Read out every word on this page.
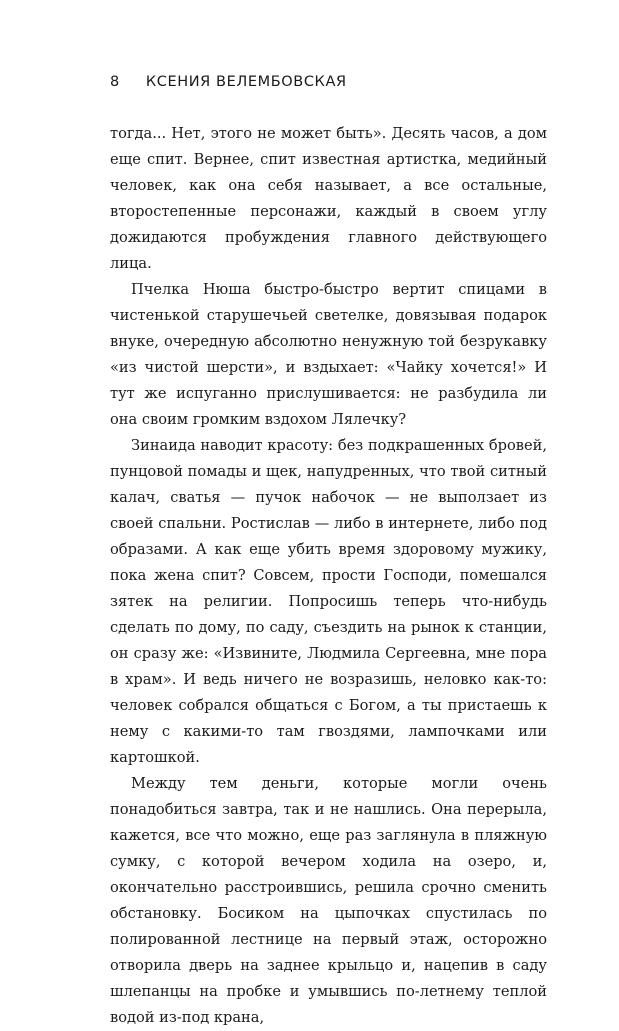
8 КСЕНИЯ ВЕЛЕМБОВСКАЯ

тогда... Нет, этого не может быть». Десять часов, а дом еще спит. Вернее, спит известная артистка, медийный человек, как она себя называет, а все остальные, второстепенные персонажи, каждый в своем углу дожидаются пробуждения главного действующего лица.

Пчелка Нюша быстро-быстро вертит спицами в чистенькой старушечьей светелке, довязывая подарок внуке, очередную абсолютно ненужную той безрукавку «из чистой шерсти», и вздыхает: «Чайку хочется!» И тут же испуганно прислушивается: не разбудила ли она своим громким вздохом Лялечку?

Зинаида наводит красоту: без подкрашенных бровей, пунцовой помады и щек, напудренных, что твой ситный калач, сватья — пучок набочок — не выползает из своей спальни. Ростислав — либо в интернете, либо под образами. А как еще убить время здоровому мужику, пока жена спит? Совсем, прости Господи, помешался зятек на религии. Попросишь теперь что-нибудь сделать по дому, по саду, съездить на рынок к станции, он сразу же: «Извините, Людмила Сергеевна, мне пора в храм». И ведь ничего не возразишь, неловко как-то: человек собрался общаться с Богом, а ты пристаешь к нему с какими-то там гвоздями, лампочками или картошкой.

Между тем деньги, которые могли очень понадобиться завтра, так и не нашлись. Она перерыла, кажется, все что можно, еще раз заглянула в пляжную сумку, с которой вечером ходила на озеро, и, окончательно расстроившись, решила срочно сменить обстановку. Босиком на цыпочках спустилась по полированной лестнице на первый этаж, осторожно отворила дверь на заднее крыльцо и, нацепив в саду шлепанцы на пробке и умывшись по-летнему теплой водой из-под крана,
